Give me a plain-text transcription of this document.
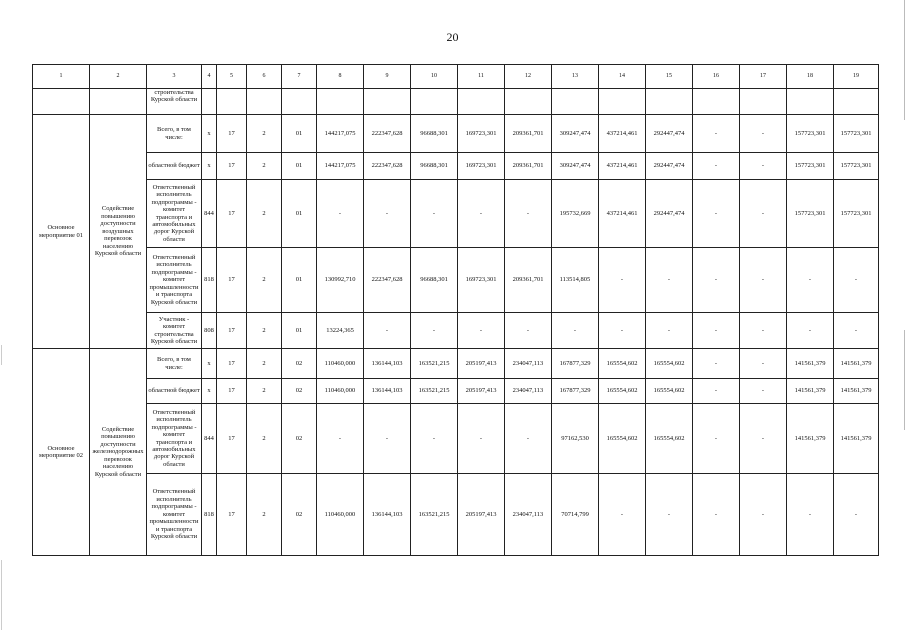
20
1	2	3	4	5	6	7	8	9	10	11	12	13	14	15	16	17	18	19
		строительства Курской области																
Основное мероприятие 01	Содействие повышению доступности воздушных перевозок населению Курской области	Всего, в том числе:	х	17	2	01	144217,075	222347,628	96688,301	169723,301	209361,701	309247,474	437214,461	292447,474	-	-	157723,301	157723,301
		областной бюджет	х	17	2	01	144217,075	222347,628	96688,301	169723,301	209361,701	309247,474	437214,461	292447,474	-	-	157723,301	157723,301
		Ответственный исполнитель подпрограммы - комитет транспорта и автомобильных дорог Курской области	844	17	2	01	-	-	-	-	-	195732,669	437214,461	292447,474	-	-	157723,301	157723,301
		Ответственный исполнитель подпрограммы - комитет промышленности и транспорта Курской области	818	17	2	01	130992,710	222347,628	96688,301	169723,301	209361,701	113514,805	-	-	-	-	-	-
		Участник - комитет строительства Курской области	808	17	2	01	13224,365	-	-	-	-	-	-	-	-	-	-	-
Основное мероприятие 02	Содействие повышению доступности железнодорожных перевозок населению Курской области	Всего, в том числе:	х	17	2	02	110460,000	136144,103	163521,215	205197,413	234047,113	167877,329	165554,602	165554,602	-	-	141561,379	141561,379
		областной бюджет	х	17	2	02	110460,000	136144,103	163521,215	205197,413	234047,113	167877,329	165554,602	165554,602	-	-	141561,379	141561,379
		Ответственный исполнитель подпрограммы - комитет транспорта и автомобильных дорог Курской области	844	17	2	02	-	-	-	-	-	97162,530	165554,602	165554,602	-	-	141561,379	141561,379
		Ответственный исполнитель подпрограммы - комитет промышленности и транспорта Курской области	818	17	2	02	110460,000	136144,103	163521,215	205197,413	234047,113	70714,799	-	-	-	-	-	-
